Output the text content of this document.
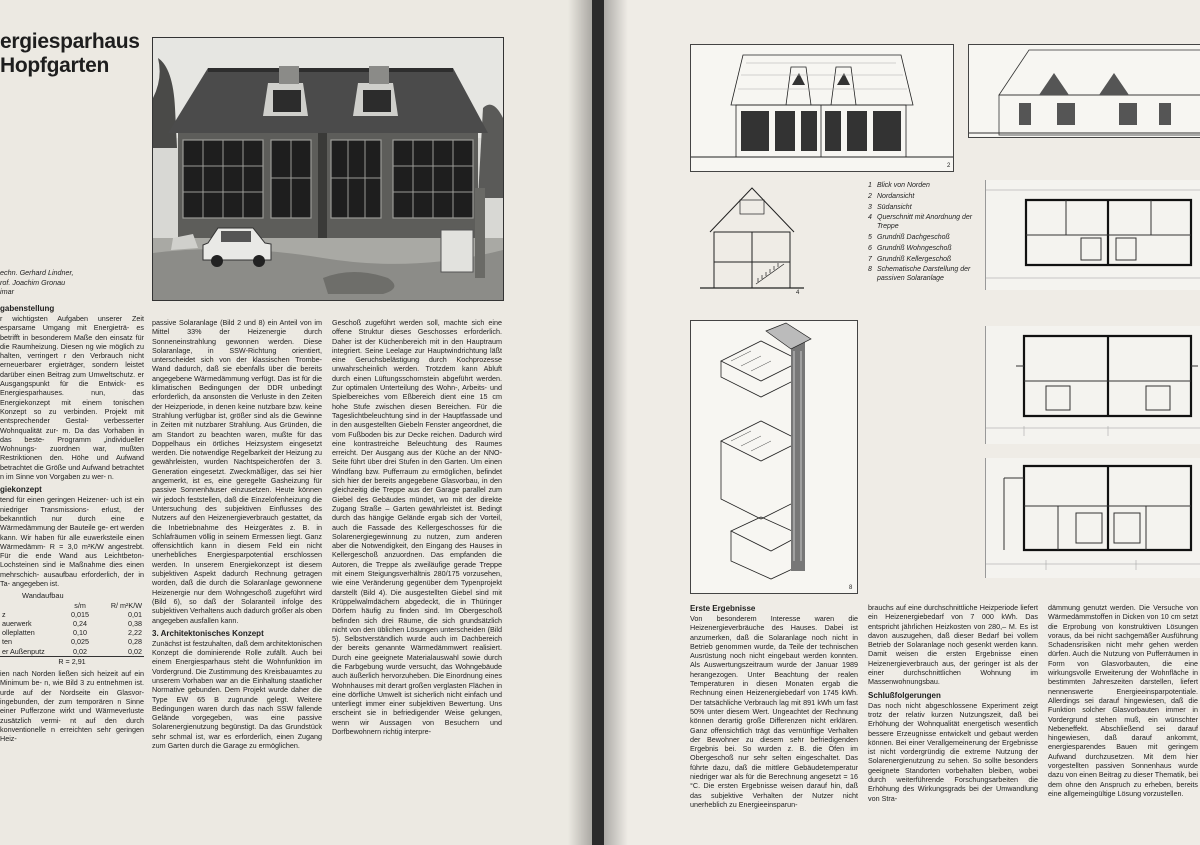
ergiesparhaus
Hopfgarten
echn. Gerhard Lindner,
rof. Joachim Gronau
imar
gabenstellung

r wichtigsten Aufgaben unserer Zeit esparsame Umgang mit Energieträ- es betrifft in besonderem Maße den einsatz für die Raumheizung. Diesen ng wie möglich zu halten, verringert r den Verbrauch nicht erneuerbarer ergieträger, sondern leistet darüber einen Beitrag zum Umweltschutz. er Ausgangspunkt für die Entwick- es Energiesparhauses. nun, das Energiekonzept mit einem tonischen Konzept so zu verbinden. Projekt mit entsprechender Gestal- verbesserter Wohnqualität zur- m. Da das Vorhaben in das beste- Programm „individueller Wohnungs- zuordnen war, mußten Restriktionen den. Höhe und Aufwand betrachtet die Größe und Aufwand betrachtet n im Sinne von Vorgaben zu wer- n.

giekonzept

tend für einen geringen Heizener- uch ist ein niedriger Transmissions- erlust, der bekanntlich nur durch eine e Wärmedämmung der Bauteile ge- ert werden kann. Wir haben für alle euwerksteile einen Wärmedämm- R = 3,0 m²K/W angestrebt. Für die ende Wand aus Leichtbeton-Lochsteinen sind ie Maßnahme dies einen mehrschich- ausaufbau erforderlich, der in Ta- angegeben ist.

Wandaufbau
	s/m	R/ m²K/W
z	0,015	0,01
auerwerk	0,24	0,38
olleplatten	0,10	2,22
ten	0,025	0,28
er Außenputz	0,02	0,02
R = 2,91		

ien nach Norden ließen sich heizeit auf ein Minimum be- n, wie Bild 3 zu entnehmen ist. urde auf der Nordseite ein Glasvor- ingebunden, der zum temporären n Sinne einer Pufferzone wirkt und Wärmeverluste zusätzlich vermi- nt auf den durch konventionelle n erreichten sehr geringen Heiz-

passive Solaranlage (Bild 2 und 8) ein Anteil von im Mittel 33% der Heizenergie durch Sonneneinstrahlung gewonnen werden. Diese Solaranlage, in SSW-Richtung orientiert, unterscheidet sich von der klassischen Trombe-Wand dadurch, daß sie ebenfalls über die bereits angegebene Wärmedämmung verfügt. Das ist für die klimatischen Bedingungen der DDR unbedingt erforderlich, da ansonsten die Verluste in den Zeiten der Heizperiode, in denen keine nutzbare bzw. keine Strahlung verfügbar ist, größer sind als die Gewinne in Zeiten mit nutzbarer Strahlung. Aus Gründen, die am Standort zu beachten waren, mußte für das Doppelhaus ein örtliches Heizsystem eingesetzt werden. Die notwendige Regelbarkeit der Heizung zu gewährleisten, wurden Nachtspeicheröfen der 3. Generation eingesetzt. Zweckmäßiger, das sei hier angemerkt, ist es, eine geregelte Gasheizung für passive Sonnenhäuser einzusetzen. Heute können wir jedoch feststellen, daß die Einzelofenheizung die Untersuchung des subjektiven Einflusses des Nutzers auf den Heizenergieverbrauch gestattet, da die Inbetriebnahme des Heizgerätes z. B. in Schlafräumen völlig in seinem Ermessen liegt. Ganz offensichtlich kann in diesem Feld ein nicht unerhebliches Energiesparpotential erschlossen werden. In unserem Energiekonzept ist diesem subjektiven Aspekt dadurch Rechnung getragen worden, daß die durch die Solaranlage gewonnene Heizenergie nur dem Wohngeschoß zugeführt wird (Bild 6), so daß der Solaranteil infolge des subjektiven Verhaltens auch dadurch größer als oben angegeben ausfallen kann.

3. Architektonisches Konzept

Zunächst ist festzuhalten, daß dem architektonischen Konzept die dominierende Rolle zufällt. Auch bei einem Energiesparhaus steht die Wohnfunktion im Vordergrund. Die Zustimmung des Kreisbauamtes zu unserem Vorhaben war an die Einhaltung staatlicher Normative gebunden. Dem Projekt wurde daher die Type EW 65 B zugrunde gelegt. Weitere Bedingungen waren durch das nach SSW fallende Gelände vorgegeben, was eine passive Solarenergienutzung begünstigt. Da das Grundstück sehr schmal ist, war es erforderlich, einen Zugang zum Garten durch die Garage zu ermöglichen.

Geschoß zugeführt werden soll, machte sich eine offene Struktur dieses Geschosses erforderlich. Daher ist der Küchenbereich mit in den Hauptraum integriert. Seine Leelage zur Hauptwindrichtung läßt eine Geruchsbelästigung durch Kochprozesse unwahrscheinlich werden. Trotzdem kann Abluft durch einen Lüftungsschornstein abgeführt werden. Zur optimalen Unterteilung des Wohn-, Arbeits- und Spielbereiches vom Eßbereich dient eine 15 cm hohe Stufe zwischen diesen Bereichen. Für die Tageslichtbeleuchtung sind in der Hauptfassade und in den ausgestellten Giebeln Fenster angeordnet, die vom Fußboden bis zur Decke reichen. Dadurch wird eine kontrastreiche Beleuchtung des Raumes erreicht. Der Ausgang aus der Küche an der NNO-Seite führt über drei Stufen in den Garten. Um einen Windfang bzw. Pufferraum zu ermöglichen, befindet sich hier der bereits angegebene Glasvorbau, in den gleichzeitig die Treppe aus der Garage parallel zum Giebel des Gebäudes mündet, wo mit der direkte Zugang Straße – Garten gewährleistet ist. Bedingt durch das hängige Gelände ergab sich der Vorteil, auch die Fassade des Kellergeschosses für die Solarenergiegewinnung zu nutzen, zum anderen aber die Notwendigkeit, den Eingang des Hauses in Kellergeschoß anzuordnen. Das empfanden die Autoren, die Treppe als zweiläufige gerade Treppe mit einem Steigungsverhältnis 280/175 vorzusehen, wie eine Veränderung gegenüber dem Typenprojekt darstellt (Bild 4). Die ausgestellten Giebel sind mit Krüppelwalmdächern abgedeckt, die in Thüringer Dörfern häufig zu finden sind. Im Obergeschoß befinden sich drei Räume, die sich grundsätzlich nicht von den üblichen Lösungen unterscheiden (Bild 5). Selbstverständlich wurde auch im Dachbereich der bereits genannte Wärmedämmwert realisiert. Durch eine geeignete Materialauswahl sowie durch die Farbgebung wurde versucht, das Wohngebäude auch äußerlich hervorzuheben. Die Einordnung eines Wohnhauses mit derart großen verglasten Flächen in eine dörfliche Umwelt ist sicherlich nicht einfach und unterliegt immer einer subjektiven Bewertung. Uns erscheint sie in befriedigender Weise gelungen, wenn wir Aussagen von Besuchern und Dorfbewohnern richtig interpre-

2
4
8
1 Blick von Norden
2 Nordansicht
3 Südansicht
4 Querschnitt mit Anordnung der Treppe
5 Grundriß Dachgeschoß
6 Grundriß Wohngeschoß
7 Grundriß Kellergeschoß
8 Schematische Darstellung der passiven Solaranlage
Erste Ergebnisse

Von besonderem Interesse waren die Heizenergieverbräuche des Hauses. Dabei ist anzumerken, daß die Solaranlage noch nicht in Betrieb genommen wurde, da Teile der technischen Ausrüstung noch nicht eingebaut werden konnten. Als Auswertungszeitraum wurde der Januar 1989 herangezogen. Unter Beachtung der realen Temperaturen in diesen Monaten ergab die Rechnung einen Heizenergiebedarf von 1745 kWh. Der tatsächliche Verbrauch lag mit 891 kWh um fast 50% unter diesem Wert. Ungeachtet der Rechnung können derartig große Differenzen nicht erklären. Ganz offensichtlich trägt das vernünftige Verhalten der Bewohner zu diesem sehr befriedigenden Ergebnis bei. So wurden z. B. die Öfen im Obergeschoß nur sehr selten eingeschaltet. Das führte dazu, daß die mittlere Gebäudetemperatur niedriger war als für die Berechnung angesetzt = 16 °C. Die ersten Ergebnisse weisen darauf hin, daß das subjektive Verhalten der Nutzer nicht unerheblich zu Energieeinsparun-

brauchs auf eine durchschnittliche Heizperiode liefert ein Heizenergiebedarf von 7 000 kWh. Das entspricht jährlichen Heizkosten von 280,– M. Es ist davon auszugehen, daß dieser Bedarf bei vollem Betrieb der Solaranlage noch gesenkt werden kann. Damit weisen die ersten Ergebnisse einen Heizenergieverbrauch aus, der geringer ist als der einer durchschnittlichen Wohnung im Massenwohnungsbau.

Schlußfolgerungen

Das noch nicht abgeschlossene Experiment zeigt trotz der relativ kurzen Nutzungszeit, daß bei Erhöhung der Wohnqualität energetisch wesentlich bessere Erzeugnisse entwickelt und gebaut werden können. Bei einer Verallgemeinerung der Ergebnisse ist nicht vordergründig die extreme Nutzung der Solarenergienutzung zu sehen. So sollte besonders geeignete Standorten vorbehalten bleiben, wobei durch weiterführende Forschungsarbeiten die Erhöhung des Wirkungsgrads bei der Umwandlung von Stra-

dämmung genutzt werden. Die Versuche von Wärmedämmstoffen in Dicken von 10 cm setzt die Erprobung von konstruktiven Lösungen voraus, da bei nicht sachgemäßer Ausführung Schadensrisiken nicht mehr gehen werden dürfen. Auch die Nutzung von Pufferräumen in Form von Glasvorbauten, die eine wirkungsvolle Erweiterung der Wohnfläche in bestimmten Jahreszeiten darstellen, liefert nennenswerte Energieeinsparpotentiale. Allerdings sei darauf hingewiesen, daß die Funktion solcher Glasvorbauten immer in Vordergrund stehen muß, ein wünschter Nebeneffekt. Abschließend sei darauf hingewiesen, daß darauf ankommt, energiesparendes Bauen mit geringem Aufwand durchzusetzen. Mit dem hier vorgestellten passiven Sonnenhaus wurde dazu von einen Beitrag zu dieser Thematik, bei dem ohne den Anspruch zu erheben, bereits eine allgemeingültige Lösung vorzustellen.
